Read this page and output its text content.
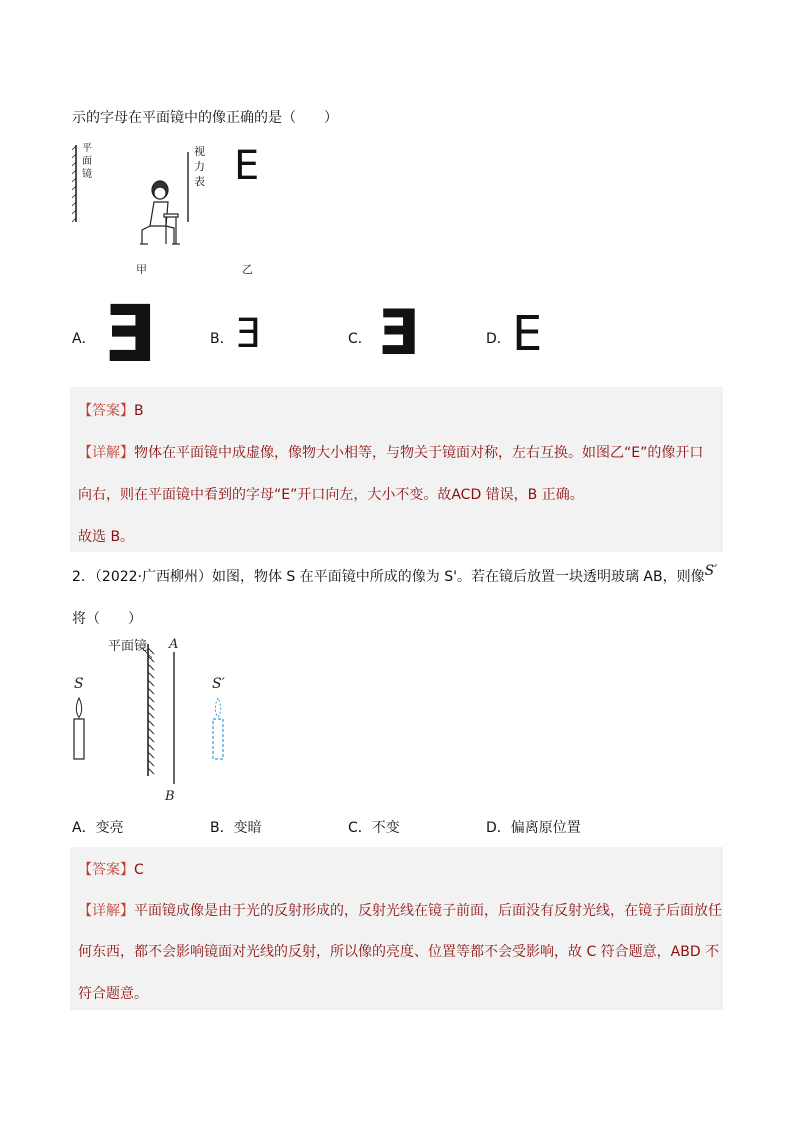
示的字母在平面镜中的像正确的是（　　）
甲	乙
平
面
镜
视
力
表 E
A． E	B． E	C． E	D． E
【答案】B
【详解】物体在平面镜中成虚像，像物大小相等，与物关于镜面对称，左右互换。如图乙“E”的像开口
向右，则在平面镜中看到的字母“E”开口向左，大小不变。故ACD 错误，B 正确。
故选 B。
2．（2022·广西柳州）如图，物体 S 在平面镜中所成的像为 S'。若在镜后放置一块透明玻璃 AB，则像S′
将（　　）
平面镜 A
B
S	S′
A．变亮	B．变暗	C．不变	D．偏离原位置
【答案】C
【详解】平面镜成像是由于光的反射形成的，反射光线在镜子前面，后面没有反射光线，在镜子后面放任
何东西，都不会影响镜面对光线的反射，所以像的亮度、位置等都不会受影响，故 C 符合题意，ABD 不
符合题意。
